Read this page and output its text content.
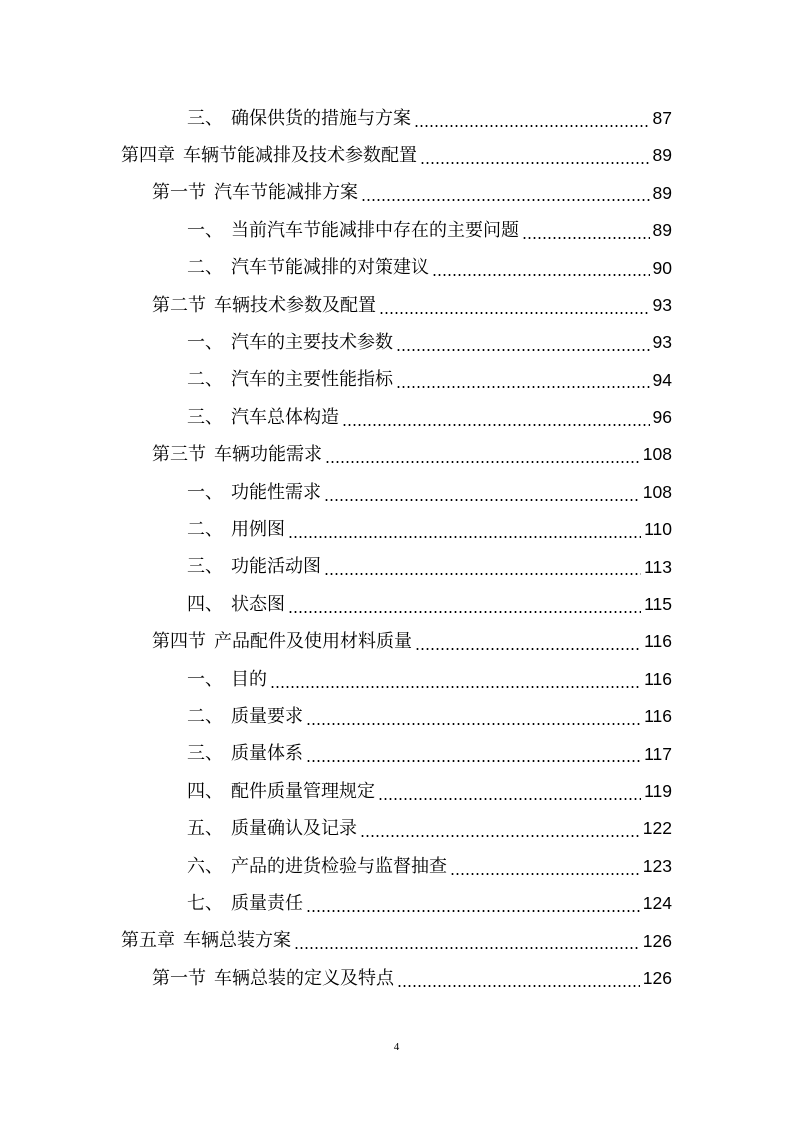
三、 确保供货的措施与方案	87
第四章 车辆节能减排及技术参数配置	89
第一节 汽车节能减排方案	89
一、 当前汽车节能减排中存在的主要问题	89
二、 汽车节能减排的对策建议	90
第二节 车辆技术参数及配置	93
一、 汽车的主要技术参数	93
二、 汽车的主要性能指标	94
三、 汽车总体构造	96
第三节 车辆功能需求	108
一、 功能性需求	108
二、 用例图	110
三、 功能活动图	113
四、 状态图	115
第四节 产品配件及使用材料质量	116
一、 目的	116
二、 质量要求	116
三、 质量体系	117
四、 配件质量管理规定	119
五、 质量确认及记录	122
六、 产品的进货检验与监督抽查	123
七、 质量责任	124
第五章 车辆总装方案	126
第一节 车辆总装的定义及特点	126
4
